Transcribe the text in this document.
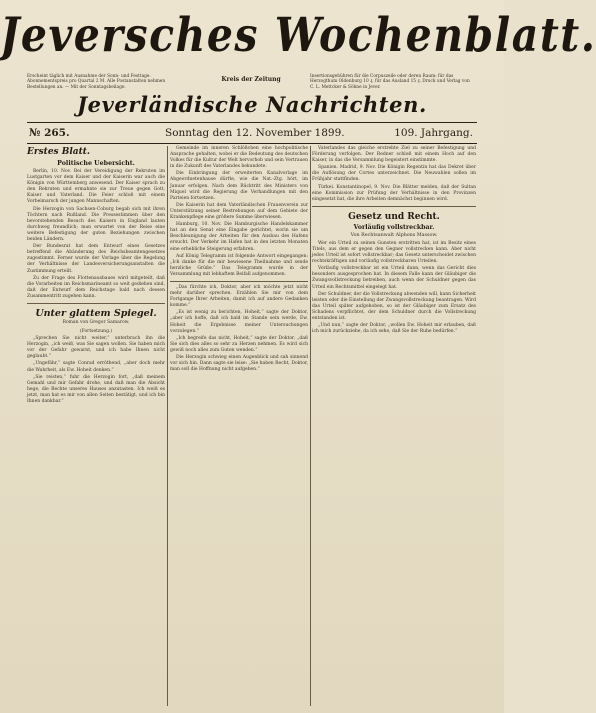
Jeversches Wochenblatt.
Erscheint täglich mit Ausnahme der Sonn- und Festtage. Abonnementspreis pro Quartal 2 M. Alle Postanstalten nehmen Bestellungen an. — Mit der Sonntagsbeilage.
Kreis der Zeitung	Insertionsgebühren für die Corpuszeile oder deren Raum: für das Herzogthum Oldenburg 10 ₰, für das Ausland 15 ₰. Druck und Verlag von C. L. Mettcker & Söhne in Jever.
Jeverländische Nachrichten.
№ 265.	Sonntag den 12. November 1899.	109. Jahrgang.

Erstes Blatt.

Politische Uebersicht.

Berlin, 10. Nov. Bei der Vereidigung der Rekruten im Lustgarten vor dem Kaiser und der Kaiserin war auch die Königin von Württemberg anwesend. Der Kaiser sprach zu den Rekruten und ermahnte sie zur Treue gegen Gott, Kaiser und Vaterland. Die Feier schloß mit einem Vorbeimarsch der jungen Mannschaften.

Die Herzogin von Sachsen-Coburg begab sich mit ihren Töchtern nach Rußland. Die Pressestimmen über den bevorstehenden Besuch des Kaisers in England lauten durchweg freundlich; man erwartet von der Reise eine weitere Befestigung der guten Beziehungen zwischen beiden Ländern.

Der Bundesrat hat dem Entwurf eines Gesetzes betreffend die Abänderung des Reichsbeamtengesetzes zugestimmt. Ferner wurde der Vorlage über die Regelung der Verhältnisse der Landesversicherungsanstalten die Zustimmung erteilt.

Zu der Frage des Flottenausbaues wird mitgeteilt, daß die Vorarbeiten im Reichsmarineamt so weit gediehen sind, daß der Entwurf dem Reichstage bald nach dessen Zusammentritt zugehen kann.

Unter glattem Spiegel.
Roman von Gregor Samarow.

(Fortsetzung.)

„Sprechen Sie nicht weiter,“ unterbrach ihn die Herzogin, „ich weiß, was Sie sagen wollen. Sie haben mich vor der Gefahr gewarnt, und ich habe Ihnen nicht geglaubt.“

„Ungefähr,“ sagte Conrad erröthend, „aber doch mehr die Wahrheit, als Ew. Hoheit denken.“

„Sie reisten,“ fuhr die Herzogin fort, „daß meinem Gemahl und mir Gefahr drohe, und daß man die Absicht hege, die Rechte unseres Hauses anzutasten. Ich weiß es jetzt, man hat es mir von allen Seiten bestätigt, und ich bin Ihnen dankbar.“

Gemeinde im inneren Schlößchen eine hochpolitische Ansprache gehalten, wobei er die Bedeutung des deutschen Volkes für die Kultur der Welt hervorhob und sein Vertrauen in die Zukunft des Vaterlandes bekundete.

Die Einbringung der erweiterten Kanalvorlage im Abgeordnetenhause dürfte, wie die Nat.-Ztg. hört, im Januar erfolgen. Nach dem Rücktritt des Ministers von Miquel wird die Regierung die Verhandlungen mit den Parteien fortsetzen.

Die Kaiserin hat dem Vaterländischen Frauenverein zur Unterstützung seiner Bestrebungen auf dem Gebiete der Krankenpflege eine größere Summe überwiesen.

Hamburg, 10. Nov. Die Hamburgische Handelskammer hat an den Senat eine Eingabe gerichtet, worin sie um Beschleunigung der Arbeiten für den Ausbau des Hafens ersucht. Der Verkehr im Hafen hat in den letzten Monaten eine erhebliche Steigerung erfahren.

Auf König Telegramm ist folgende Antwort eingegangen: „Ich danke für die mir bewiesene Theilnahme und sende herzliche Grüße.“ Das Telegramm wurde in der Versammlung mit lebhaftem Beifall aufgenommen.

„Das fürchte ich, Doktor, aber ich möchte jetzt nicht mehr darüber sprechen. Erzählen Sie mir von dem Fortgange Ihrer Arbeiten, damit ich auf andere Gedanken komme.“

„Es ist wenig zu berichten, Hoheit,“ sagte der Doktor, „aber ich hoffe, daß ich bald im Stande sein werde, Ew. Hoheit die Ergebnisse meiner Untersuchungen vorzulegen.“

„Ich begreife das nicht, Hoheit,“ sagte der Doktor, „daß Sie sich dies alles so sehr zu Herzen nehmen. Es wird sich gewiß noch alles zum Guten wenden.“

Die Herzogin schwieg einen Augenblick und sah sinnend vor sich hin. Dann sagte sie leise: „Sie haben Recht, Doktor, man soll die Hoffnung nicht aufgeben.“

Vaterlandes das gleiche erstrebte Ziel zu seiner Befestigung und Förderung verfolgen. Der Redner schloß mit einem Hoch auf den Kaiser, in das die Versammlung begeistert einstimmte.

Spanien. Madrid, 9. Nov. Die Königin Regentin hat das Dekret über die Auflösung der Cortes unterzeichnet. Die Neuwahlen sollen im Frühjahr stattfinden.

Türkei. Konstantinopel, 9. Nov. Die Blätter melden, daß der Sultan eine Kommission zur Prüfung der Verhältnisse in den Provinzen eingesetzt hat, die ihre Arbeiten demnächst beginnen wird.

Gesetz und Recht.
Vorläufig vollstreckbar.
Von Rechtsanwalt Alphons Massow.

Wer ein Urteil zu seinen Gunsten erstritten hat, ist im Besitz eines Titels, aus dem er gegen den Gegner vollstrecken kann. Aber nicht jedes Urteil ist sofort vollstreckbar; das Gesetz unterscheidet zwischen rechtskräftigen und vorläufig vollstreckbaren Urteilen.

Vorläufig vollstreckbar ist ein Urteil dann, wenn das Gericht dies besonders ausgesprochen hat. In diesem Falle kann der Gläubiger die Zwangsvollstreckung betreiben, auch wenn der Schuldner gegen das Urteil ein Rechtsmittel eingelegt hat.

Der Schuldner, der die Vollstreckung abwenden will, kann Sicherheit leisten oder die Einstellung der Zwangsvollstreckung beantragen. Wird das Urteil später aufgehoben, so ist der Gläubiger zum Ersatz des Schadens verpflichtet, der dem Schuldner durch die Vollstreckung entstanden ist.

„Und nun,“ sagte der Doktor, „wollen Ew. Hoheit mir erlauben, daß ich mich zurückziehe, da ich sehe, daß Sie der Ruhe bedürfen.“
